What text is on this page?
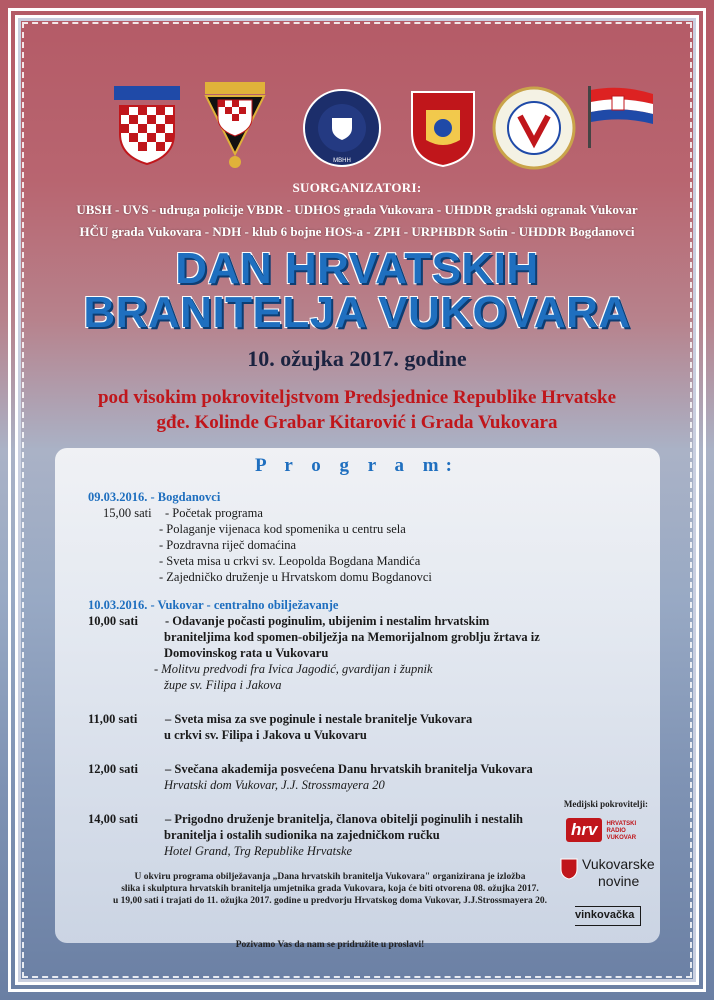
MBHH
SUORGANIZATORI:
UBSH - UVS - udruga policije VBDR - UDHOS grada Vukovara - UHDDR gradski ogranak Vukovar
HČU grada Vukovara - NDH - klub 6 bojne HOS-a - ZPH - URPHBDR Sotin - UHDDR Bogdanovci
DAN HRVATSKIH
BRANITELJA VUKOVARA
10. ožujka 2017. godine
pod visokim pokroviteljstvom Predsjednice Republike Hrvatske
gđe. Kolinde Grabar Kitarović i Grada Vukovara
P r o g r a m:
09.03.2016. - Bogdanovci
15,00 sati	- Početak programa
- Polaganje vijenaca kod spomenika u centru sela
- Pozdravna riječ domaćina
- Sveta misa u crkvi sv. Leopolda Bogdana Mandića
- Zajedničko druženje u Hrvatskom domu Bogdanovci
10.03.2016. - Vukovar - centralno obilježavanje
10,00 sati	- Odavanje počasti poginulim, ubijenim i nestalim hrvatskim
braniteljima kod spomen-obilježja na Memorijalnom groblju žrtava iz
Domovinskog rata u Vukovaru
- Molitvu predvodi fra Ivica Jagodić, gvardijan i župnik
župe sv. Filipa i Jakova
11,00 sati	– Sveta misa za sve poginule i nestale branitelje Vukovara
u crkvi sv. Filipa i Jakova u Vukovaru
12,00 sati	– Svečana akademija posvećena Danu hrvatskih branitelja Vukovara
Hrvatski dom Vukovar, J.J. Strossmayera 20
14,00 sati	– Prigodno druženje branitelja, članova obitelji poginulih i nestalih
branitelja i ostalih sudionika na zajedničkom ručku
Hotel Grand, Trg Republike Hrvatske
U okviru programa obilježavanja „Dana hrvatskih branitelja Vukovara" organizirana je izložba
slika i skulptura hrvatskih branitelja umjetnika grada Vukovara, koja će biti otvorena 08. ožujka 2017.
u 19,00 sati i trajati do 11. ožujka 2017. godine u predvorju Hrvatskog doma Vukovar, J.J.Strossmayera 20.
Pozivamo Vas da nam se pridružite u proslavi!
Medijski pokrovitelji:
hrv HRVATSKI RADIO VUKOVAR
Vukovarske
novine
vinkovačka
